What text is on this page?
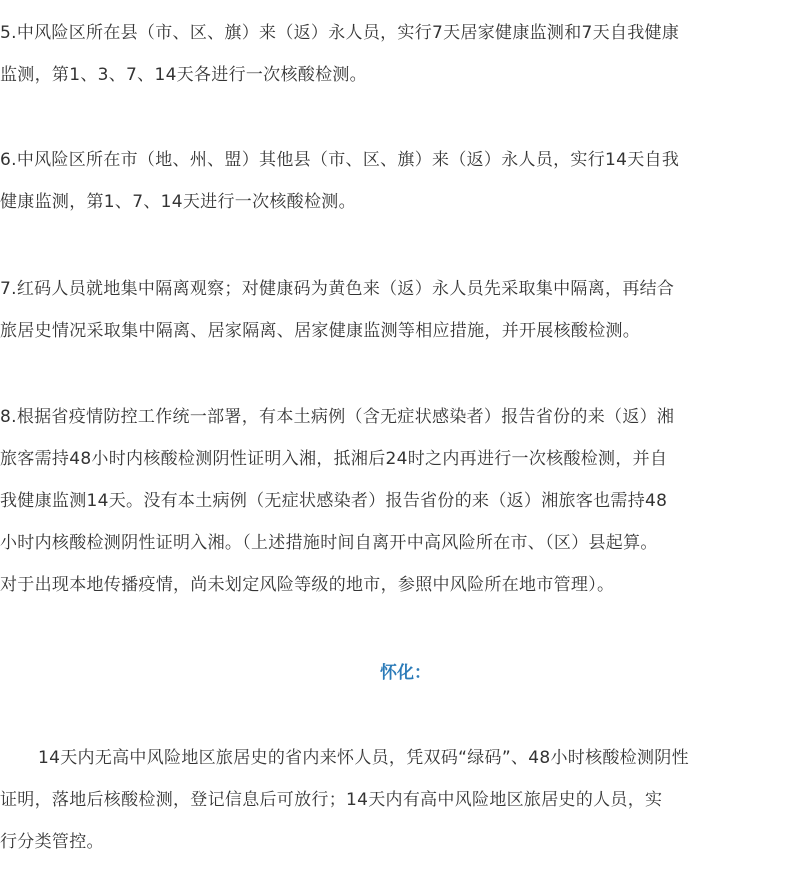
5.中风险区所在县（市、区、旗）来（返）永人员，实行7天居家健康监测和7天自我健康
监测，第1、3、7、14天各进行一次核酸检测。
6.中风险区所在市（地、州、盟）其他县（市、区、旗）来（返）永人员，实行14天自我
健康监测，第1、7、14天进行一次核酸检测。
7.红码人员就地集中隔离观察；对健康码为黄色来（返）永人员先采取集中隔离，再结合
旅居史情况采取集中隔离、居家隔离、居家健康监测等相应措施，并开展核酸检测。
8.根据省疫情防控工作统一部署，有本土病例（含无症状感染者）报告省份的来（返）湘
旅客需持48小时内核酸检测阴性证明入湘，抵湘后24时之内再进行一次核酸检测，并自
我健康监测14天。没有本土病例（无症状感染者）报告省份的来（返）湘旅客也需持48
小时内核酸检测阴性证明入湘。（上述措施时间自离开中高风险所在市、（区）县起算。
对于出现本地传播疫情，尚未划定风险等级的地市，参照中风险所在地市管理）。
怀化：
14天内无高中风险地区旅居史的省内来怀人员，凭双码“绿码”、48小时核酸检测阴性
证明，落地后核酸检测，登记信息后可放行；14天内有高中风险地区旅居史的人员，实
行分类管控。
